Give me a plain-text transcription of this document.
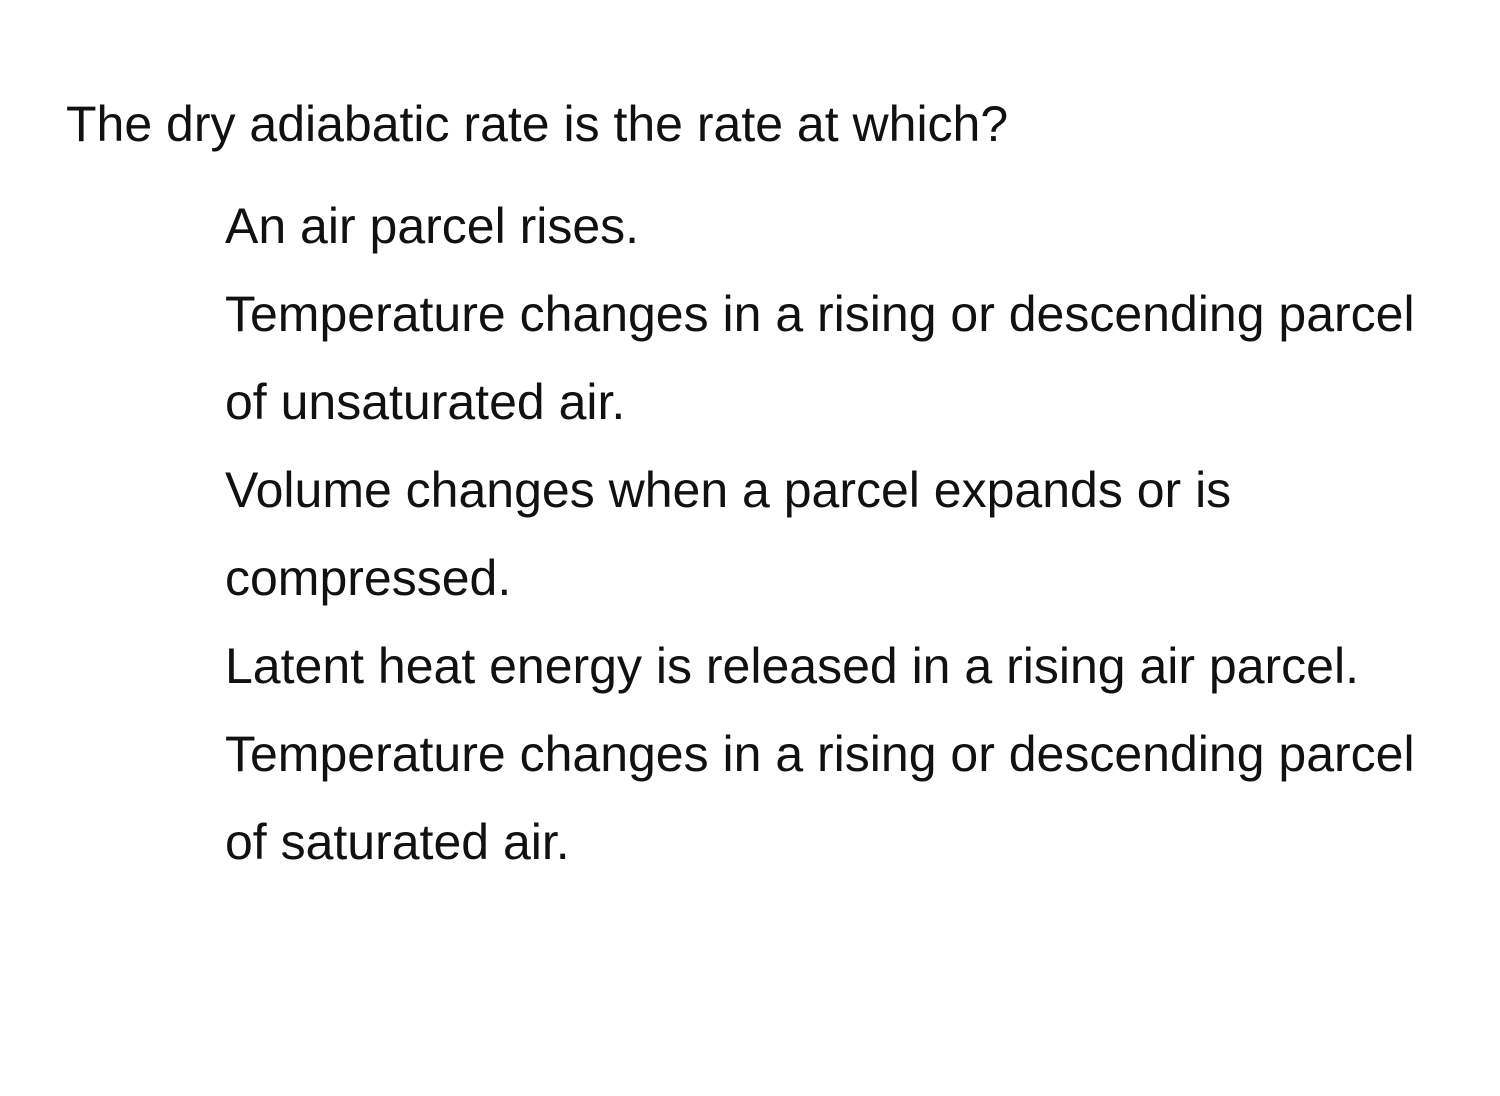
The dry adiabatic rate is the rate at which?
An air parcel rises.
Temperature changes in a rising or descending parcel of unsaturated air.
Volume changes when a parcel expands or is compressed.
Latent heat energy is released in a rising air parcel.
Temperature changes in a rising or descending parcel of saturated air.
